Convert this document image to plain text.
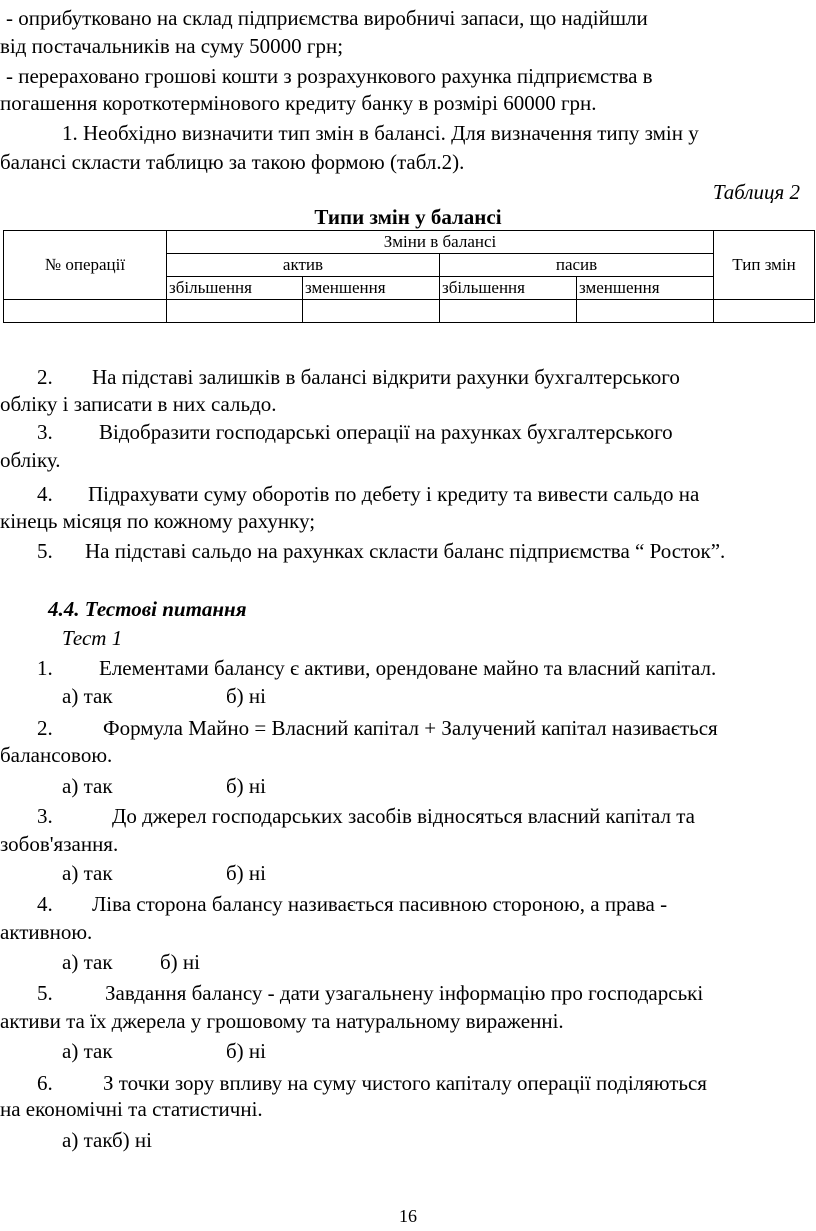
- оприбутковано на склад підприємства виробничі запаси, що надійшли
від постачальників на суму 50000 грн;
- перераховано грошові кошти з розрахункового рахунка підприємства в
погашення короткотермінового кредиту банку в розмірі 60000 грн.
1. Необхідно визначити тип змін в балансі. Для визначення типу змін у
балансі скласти таблицю за такою формою (табл.2).
Таблиця 2
Типи змін у балансі
№ операції	Зміни в балансі				Тип змін
	актив		пасив		
	збільшення	зменшення	збільшення	зменшення	

2. На підставі залишків в балансі відкрити рахунки бухгалтерського
обліку і записати в них сальдо.
3. Відобразити господарські операції на рахунках бухгалтерського
обліку.
4. Підрахувати суму оборотів по дебету і кредиту та вивести сальдо на
кінець місяця по кожному рахунку;
5. На підставі сальдо на рахунках скласти баланс підприємства “ Росток”.
4.4. Тестові питання
Тест 1
1. Елементами балансу є активи, орендоване майно та власний капітал.
а) так	б) ні
2. Формула Майно = Власний капітал + Залучений капітал називається
балансовою.
а) так	б) ні
3.	До джерел господарських засобів відносяться власний капітал та
зобов'язання.
а) так	б) ні
4. Ліва сторона балансу називається пасивною стороною, а права -
активною.
а) так б) ні
5. Завдання балансу - дати узагальнену інформацію про господарські
активи та їх джерела у грошовому та натуральному вираженні.
а) так	б) ні
6. З точки зору впливу на суму чистого капіталу операції поділяються
на економічні та статистичні.
а) такб) ні
16
